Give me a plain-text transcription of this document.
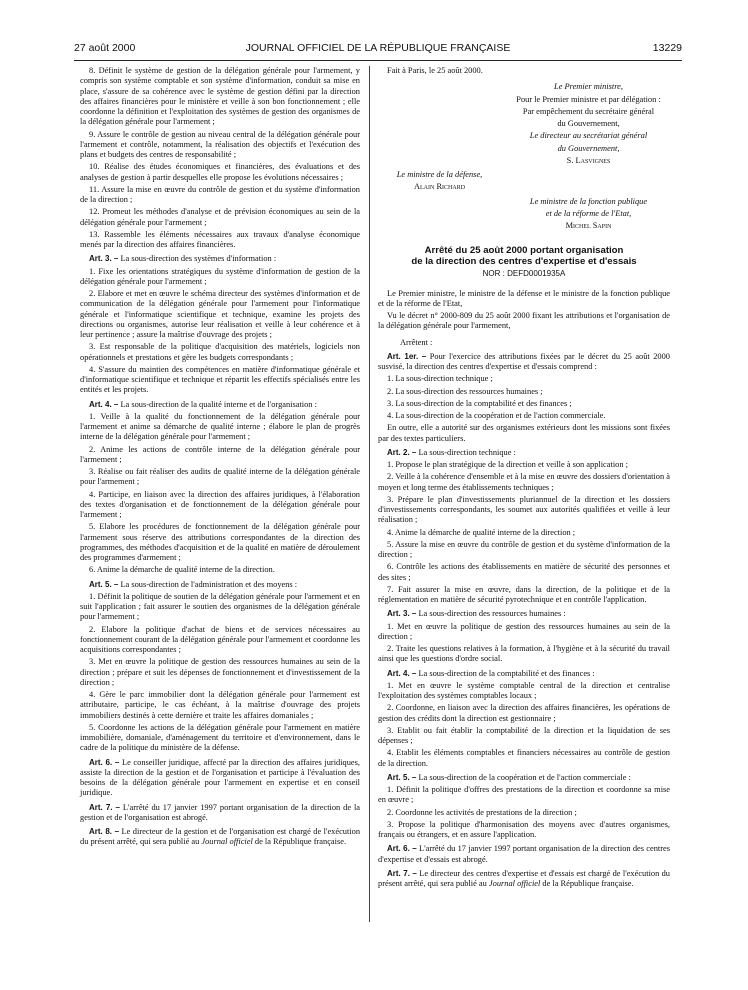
27 août 2000	JOURNAL OFFICIEL DE LA RÉPUBLIQUE FRANÇAISE	13229

8. Définit le système de gestion de la délégation générale pour l'armement, y compris son système comptable et son système d'information, conduit sa mise en place, s'assure de sa cohérence avec le système de gestion défini par la direction des affaires financières pour le ministère et veille à son bon fonctionnement ; elle coordonne la définition et l'exploitation des systèmes de gestion des organismes de la délégation générale pour l'armement ;

9. Assure le contrôle de gestion au niveau central de la délégation générale pour l'armement et contrôle, notamment, la réalisation des objectifs et l'exécution des plans et budgets des centres de responsabilité ;

10. Réalise des études économiques et financières, des évaluations et des analyses de gestion à partir desquelles elle propose les évolutions nécessaires ;

11. Assure la mise en œuvre du contrôle de gestion et du système d'information de la direction ;

12. Promeut les méthodes d'analyse et de prévision économiques au sein de la délégation générale pour l'armement ;

13. Rassemble les éléments nécessaires aux travaux d'analyse économique menés par la direction des affaires financières.

Art. 3. – La sous-direction des systèmes d'information :

1. Fixe les orientations stratégiques du système d'information de gestion de la délégation générale pour l'armement ;

2. Elabore et met en œuvre le schéma directeur des systèmes d'information et de communication de la délégation générale pour l'armement pour l'informatique générale et l'informatique scientifique et technique, examine les projets des directions ou organismes, autorise leur réalisation et veille à leur cohérence et à leur pertinence ; assure la maîtrise d'ouvrage des projets ;

3. Est responsable de la politique d'acquisition des matériels, logiciels non opérationnels et prestations et gère les budgets correspondants ;

4. S'assure du maintien des compétences en matière d'informatique générale et d'informatique scientifique et technique et répartit les effectifs spécialisés entre les entités et les projets.

Art. 4. – La sous-direction de la qualité interne et de l'organisation :

1. Veille à la qualité du fonctionnement de la délégation générale pour l'armement et anime sa démarche de qualité interne ; élabore le plan de progrès interne de la délégation générale pour l'armement ;

2. Anime les actions de contrôle interne de la délégation générale pour l'armement ;

3. Réalise ou fait réaliser des audits de qualité interne de la délégation générale pour l'armement ;

4. Participe, en liaison avec la direction des affaires juridiques, à l'élaboration des textes d'organisation et de fonctionnement de la délégation générale pour l'armement ;

5. Elabore les procédures de fonctionnement de la délégation générale pour l'armement sous réserve des attributions correspondantes de la direction des programmes, des méthodes d'acquisition et de la qualité en matière de déroulement des programmes d'armement ;

6. Anime la démarche de qualité interne de la direction.

Art. 5. – La sous-direction de l'administration et des moyens :

1. Définit la politique de soutien de la délégation générale pour l'armement et en suit l'application ; fait assurer le soutien des organismes de la délégation générale pour l'armement ;

2. Elabore la politique d'achat de biens et de services nécessaires au fonctionnement courant de la délégation générale pour l'armement et coordonne les acquisitions correspondantes ;

3. Met en œuvre la politique de gestion des ressources humaines au sein de la direction ; prépare et suit les dépenses de fonctionnement et d'investissement de la direction ;

4. Gère le parc immobilier dont la délégation générale pour l'armement est attributaire, participe, le cas échéant, à la maîtrise d'ouvrage des projets immobiliers destinés à cette dernière et traite les affaires domaniales ;

5. Coordonne les actions de la délégation générale pour l'armement en matière immobilière, domaniale, d'aménagement du territoire et d'environnement, dans le cadre de la politique du ministère de la défense.

Art. 6. – Le conseiller juridique, affecté par la direction des affaires juridiques, assiste la direction de la gestion et de l'organisation et participe à l'évaluation des besoins de la délégation générale pour l'armement en expertise et en conseil juridique.

Art. 7. – L'arrêté du 17 janvier 1997 portant organisation de la direction de la gestion et de l'organisation est abrogé.

Art. 8. – Le directeur de la gestion et de l'organisation est chargé de l'exécution du présent arrêté, qui sera publié au Journal officiel de la République française.

Fait à Paris, le 25 août 2000.

Le Premier ministre,

Pour le Premier ministre et par délégation :

Par empêchement du secrétaire général

du Gouvernement,

Le directeur au secrétariat général

du Gouvernement,

S. Lasvignes

Le ministre de la défense,

Alain Richard

Le ministre de la fonction publique

et de la réforme de l'Etat,

Michel Sapin

Arrêté du 25 août 2000 portant organisation
de la direction des centres d'expertise et d'essais
NOR : DEFD0001935A

Le Premier ministre, le ministre de la défense et le ministre de la fonction publique et de la réforme de l'Etat,

Vu le décret n° 2000-809 du 25 août 2000 fixant les attributions et l'organisation de la délégation générale pour l'armement,

Arrêtent :

Art. 1er. – Pour l'exercice des attributions fixées par le décret du 25 août 2000 susvisé, la direction des centres d'expertise et d'essais comprend :

1. La sous-direction technique ;

2. La sous-direction des ressources humaines ;

3. La sous-direction de la comptabilité et des finances ;

4. La sous-direction de la coopération et de l'action commerciale.

En outre, elle a autorité sur des organismes extérieurs dont les missions sont fixées par des textes particuliers.

Art. 2. – La sous-direction technique :

1. Propose le plan stratégique de la direction et veille à son application ;

2. Veille à la cohérence d'ensemble et à la mise en œuvre des dossiers d'orientation à moyen et long terme des établissements techniques ;

3. Prépare le plan d'investissements pluriannuel de la direction et les dossiers d'investissements correspondants, les soumet aux autorités qualifiées et veille à leur réalisation ;

4. Anime la démarche de qualité interne de la direction ;

5. Assure la mise en œuvre du contrôle de gestion et du système d'information de la direction ;

6. Contrôle les actions des établissements en matière de sécurité des personnes et des sites ;

7. Fait assurer la mise en œuvre, dans la direction, de la politique et de la réglementation en matière de sécurité pyrotechnique et en contrôle l'application.

Art. 3. – La sous-direction des ressources humaines :

1. Met en œuvre la politique de gestion des ressources humaines au sein de la direction ;

2. Traite les questions relatives à la formation, à l'hygiène et à la sécurité du travail ainsi que les questions d'ordre social.

Art. 4. – La sous-direction de la comptabilité et des finances :

1. Met en œuvre le système comptable central de la direction et centralise l'exploitation des systèmes comptables locaux ;

2. Coordonne, en liaison avec la direction des affaires financières, les opérations de gestion des crédits dont la direction est gestionnaire ;

3. Etablit ou fait établir la comptabilité de la direction et la liquidation de ses dépenses ;

4. Etablit les éléments comptables et financiers nécessaires au contrôle de gestion de la direction.

Art. 5. – La sous-direction de la coopération et de l'action commerciale :

1. Définit la politique d'offres des prestations de la direction et coordonne sa mise en œuvre ;

2. Coordonne les activités de prestations de la direction ;

3. Propose la politique d'harmonisation des moyens avec d'autres organismes, français ou étrangers, et en assure l'application.

Art. 6. – L'arrêté du 17 janvier 1997 portant organisation de la direction des centres d'expertise et d'essais est abrogé.

Art. 7. – Le directeur des centres d'expertise et d'essais est chargé de l'exécution du présent arrêté, qui sera publié au Journal officiel de la République française.
